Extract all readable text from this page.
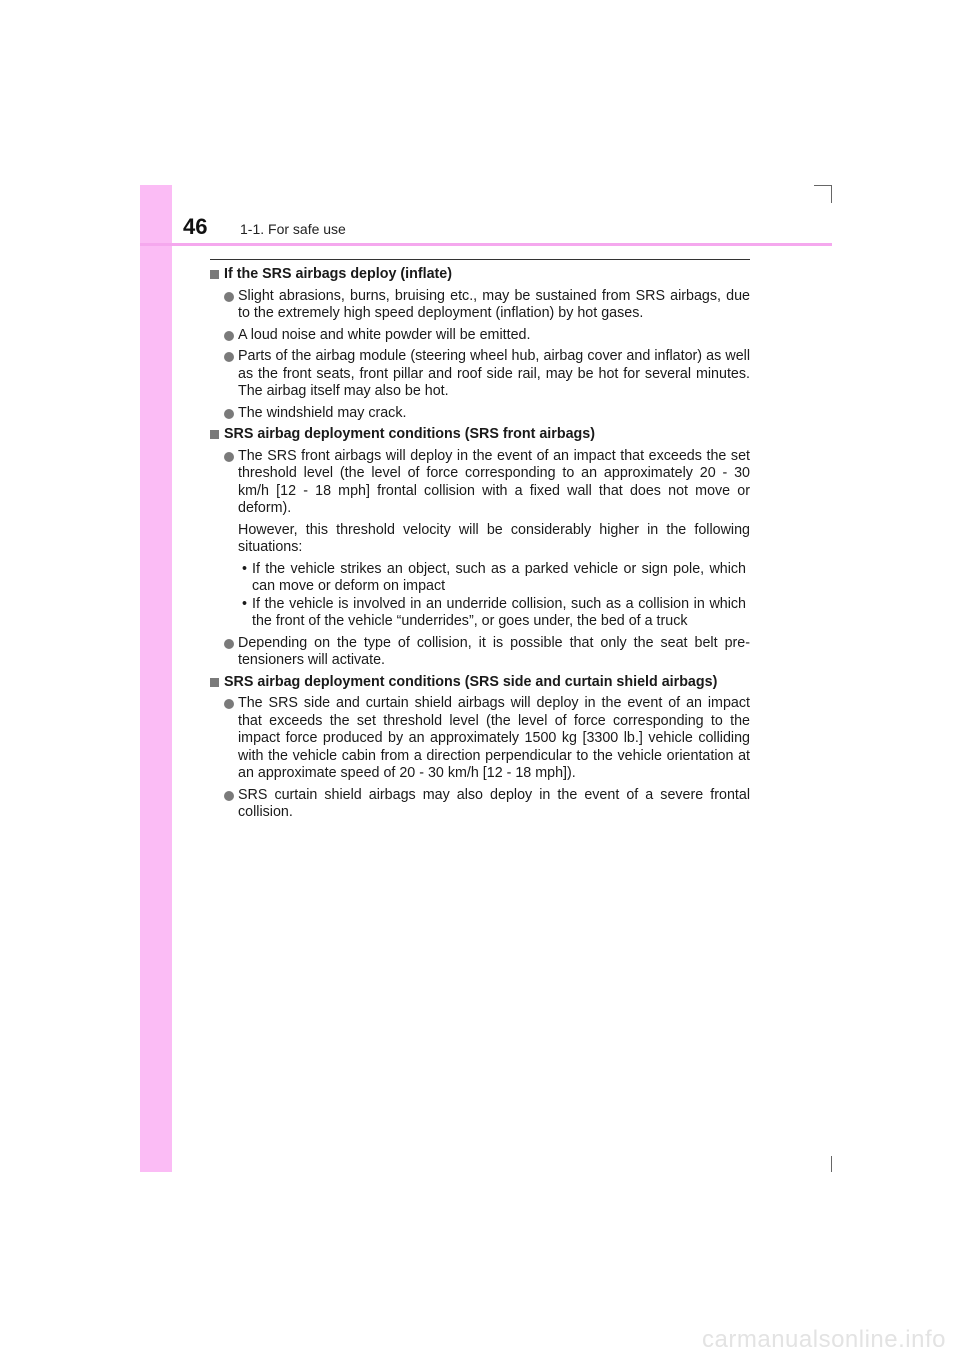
46 1-1. For safe use
If the SRS airbags deploy (inflate)
Slight abrasions, burns, bruising etc., may be sustained from SRS airbags, due to the extremely high speed deployment (inflation) by hot gases.
A loud noise and white powder will be emitted.
Parts of the airbag module (steering wheel hub, airbag cover and inflator) as well as the front seats, front pillar and roof side rail, may be hot for several minutes. The airbag itself may also be hot.
The windshield may crack.
SRS airbag deployment conditions (SRS front airbags)
The SRS front airbags will deploy in the event of an impact that exceeds the set threshold level (the level of force corresponding to an approximately 20 - 30 km/h [12 - 18 mph] frontal collision with a fixed wall that does not move or deform).
However, this threshold velocity will be considerably higher in the following situations:
• If the vehicle strikes an object, such as a parked vehicle or sign pole, which can move or deform on impact
• If the vehicle is involved in an underride collision, such as a collision in which the front of the vehicle “underrides”, or goes under, the bed of a truck
Depending on the type of collision, it is possible that only the seat belt pre-tensioners will activate.
SRS airbag deployment conditions (SRS side and curtain shield airbags)
The SRS side and curtain shield airbags will deploy in the event of an impact that exceeds the set threshold level (the level of force corresponding to the impact force produced by an approximately 1500 kg [3300 lb.] vehicle colliding with the vehicle cabin from a direction perpendicular to the vehicle orientation at an approximate speed of 20 - 30 km/h [12 - 18 mph]).
SRS curtain shield airbags may also deploy in the event of a severe frontal collision.
carmanualsonline.info
